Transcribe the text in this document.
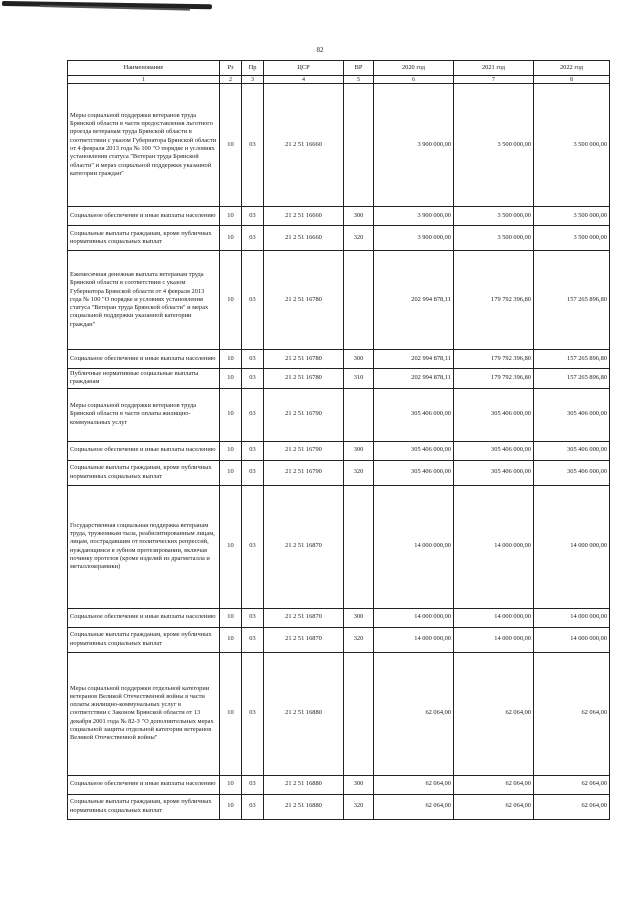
82
Наименование	Рз	Пр	ЦСР	ВР	2020 год	2021 год	2022 год
1	2	3	4	5	6	7	8
Меры социальной поддержки ветеранов труда Брянской области в части предоставления льготного проезда ветеранам труда Брянской области в соответствии с указом Губернатора Брянской области от 4 февраля 2013 года № 100 "О порядке и условиях установления статуса "Ветеран труда Брянской области" и мерах социальной поддержки указанной категории граждан"	10	03	21 2 51 16660		3 900 000,00	3 500 000,00	3 500 000,00
Социальное обеспечение и иные выплаты населению	10	03	21 2 51 16660	300	3 900 000,00	3 500 000,00	3 500 000,00
Социальные выплаты гражданам, кроме публичных нормативных социальных выплат	10	03	21 2 51 16660	320	3 900 000,00	3 500 000,00	3 500 000,00
Ежемесячная денежная выплата ветеранам труда Брянской области в соответствии с указом Губернатора Брянской области от 4 февраля 2013 года № 100 "О порядке и условиях установления статуса "Ветеран труда Брянской области" и мерах социальной поддержки указанной категории граждан"	10	03	21 2 51 16780		202 994 878,11	179 792 396,80	157 265 896,80
Социальное обеспечение и иные выплаты населению	10	03	21 2 51 16780	300	202 994 878,11	179 792 396,80	157 265 896,80
Публичные нормативные социальные выплаты гражданам	10	03	21 2 51 16780	310	202 994 878,11	179 792 396,80	157 265 896,80
Меры социальной поддержки ветеранов труда Брянской области в части оплаты жилищно-коммунальных услуг	10	03	21 2 51 16790		305 406 000,00	305 406 000,00	305 406 000,00
Социальное обеспечение и иные выплаты населению	10	03	21 2 51 16790	300	305 406 000,00	305 406 000,00	305 406 000,00
Социальные выплаты гражданам, кроме публичных нормативных социальных выплат	10	03	21 2 51 16790	320	305 406 000,00	305 406 000,00	305 406 000,00
Государственная социальная поддержка ветеранам труда, труженикам тыла, реабилитированным лицам, лицам, пострадавшим от политических репрессий, нуждающимся в зубном протезировании, включая починку протезов (кроме изделий из драгметалла и металлокерамики)	10	03	21 2 51 16870		14 000 000,00	14 000 000,00	14 000 000,00
Социальное обеспечение и иные выплаты населению	10	03	21 2 51 16870	300	14 000 000,00	14 000 000,00	14 000 000,00
Социальные выплаты гражданам, кроме публичных нормативных социальных выплат	10	03	21 2 51 16870	320	14 000 000,00	14 000 000,00	14 000 000,00
Меры социальной поддержки отдельной категории ветеранов Великой Отечественной войны в части оплаты жилищно-коммунальных услуг в соответствии с Законом Брянской области от 13 декабря 2001 года № 82-З "О дополнительных мерах социальной защиты отдельной категории ветеранов Великой Отечественной войны"	10	03	21 2 51 16880		62 064,00	62 064,00	62 064,00
Социальное обеспечение и иные выплаты населению	10	03	21 2 51 16880	300	62 064,00	62 064,00	62 064,00
Социальные выплаты гражданам, кроме публичных нормативных социальных выплат	10	03	21 2 51 16880	320	62 064,00	62 064,00	62 064,00
